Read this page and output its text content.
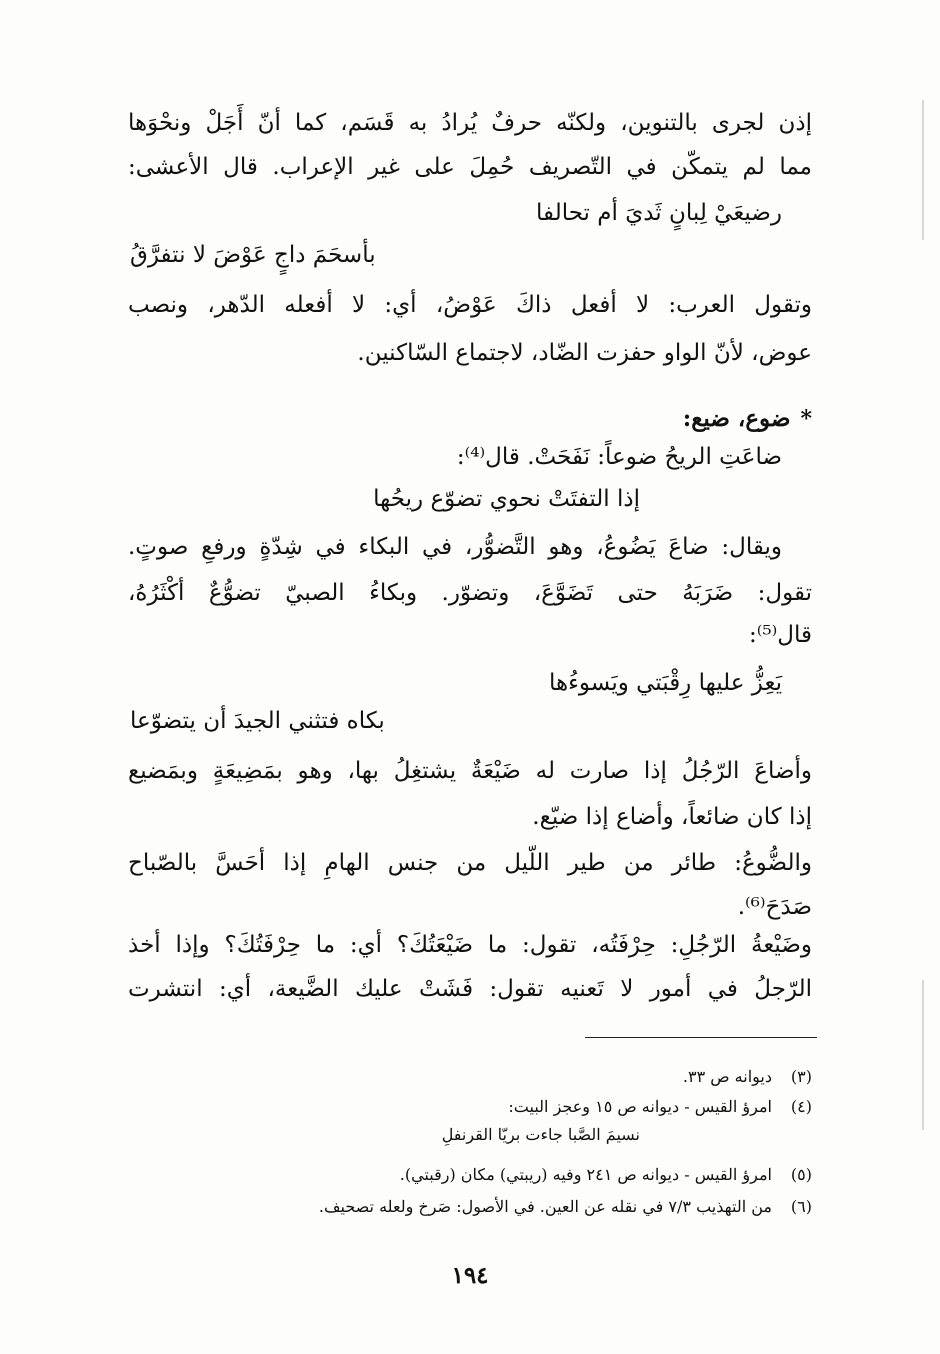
إذن لجرى بالتنوين، ولكنّه حرفٌ يُرادُ به قَسَم، كما أنّ أَجَلْ ونحْوَها
مما لم يتمكّن في التّصريف حُمِلَ على غير الإعراب. قال الأعشى:
رضيعَيْ لِبانٍ ثَديَ أم تحالفا
بأسحَمَ داجٍ عَوْضَ لا نتفرَّقُ
وتقول العرب: لا أفعل ذاكَ عَوْضُ، أي: لا أفعله الدّهر، ونصب
عوض، لأنّ الواو حفزت الضّاد، لاجتماع السّاكنين.
*ضوع، ضيع:
ضاعَتِ الريحُ ضوعاً: نَفَحَتْ. قال⁽⁴⁾:
إذا التفتَتْ نحوي تضوّع ريحُها
ويقال: ضاعَ يَضُوعُ، وهو التَّضوُّر، في البكاء في شِدّةٍ ورفعِ صوتٍ.
تقول: ضَرَبَهُ حتى تَضَوَّعَ، وتضوّر. وبكاءُ الصبيّ تضوُّعٌ أكْثَرُهُ،
قال⁽⁵⁾:
يَعِزُّ عليها رِقْبَتي ويَسوءُها
بكاه فتثني الجيدَ أن يتضوّعا
وأضاعَ الرّجُلُ إذا صارت له ضَيْعَةٌ يشتغِلُ بها، وهو بمَضِيعَةٍ وبمَضيع
إذا كان ضائعاً، وأضاع إذا ضيّع.
والضُّوعُ: طائر من طير اللّيل من جنس الهامِ إذا أحَسَّ بالصّباح
صَدَحَ⁽⁶⁾.
وضَيْعةُ الرّجُلِ: حِرْفَتُه، تقول: ما ضَيْعَتُكَ؟ أي: ما حِرْفَتُكَ؟ وإذا أخذ
الرّجلُ في أمور لا تَعنيه تقول: فَشَتْ عليك الضَّيعة، أي: انتشرت
(٣)ديوانه ص ٣٣.
(٤)امرؤ القيس - ديوانه ص ١٥ وعجز البيت:
نسيمَ الصَّبا جاءت بريّا القرنفلِ
(٥)امرؤ القيس - ديوانه ص ٢٤١ وفيه (ريبتي) مكان (رقبتي).
(٦)من التهذيب ٧/٣ في نقله عن العين. في الأصول: صَرخ ولعله تصحيف.
١٩٤
